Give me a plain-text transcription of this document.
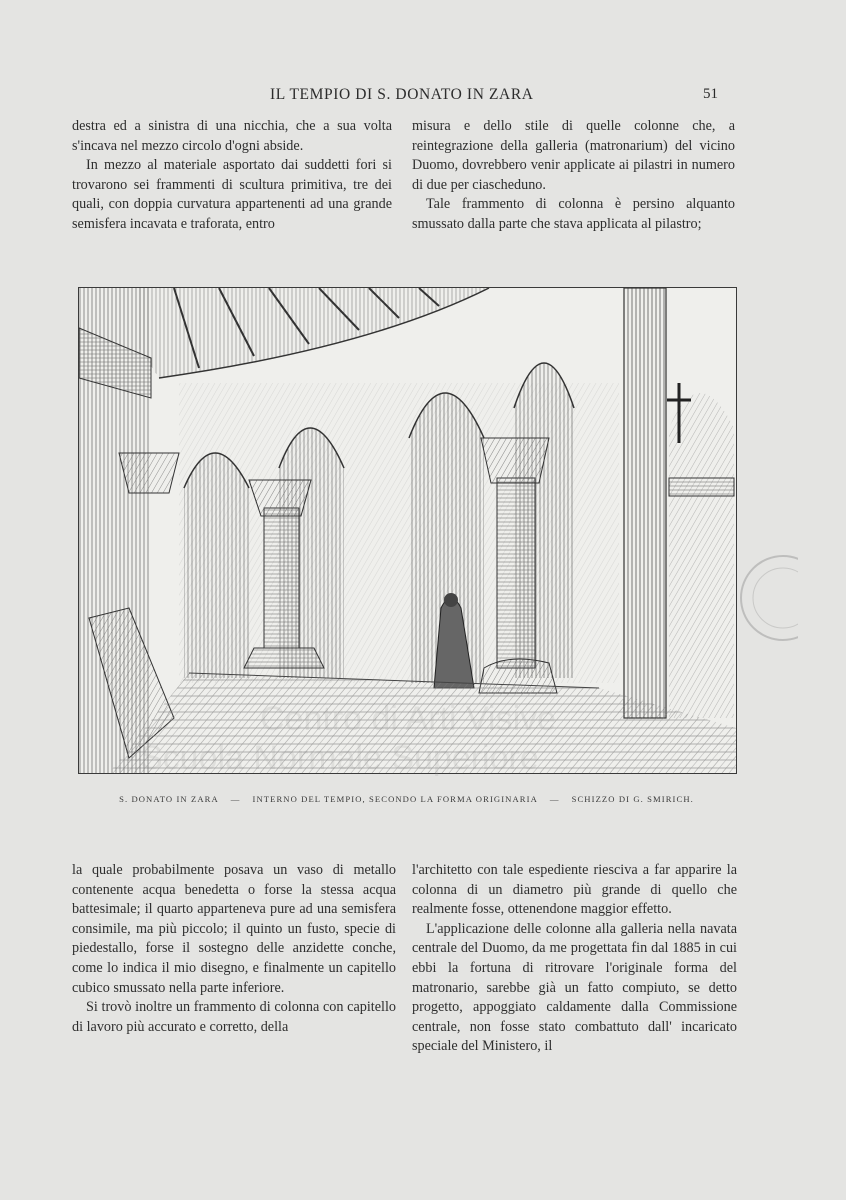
IL TEMPIO DI S. DONATO IN ZARA	51

destra ed a sinistra di una nicchia, che a sua volta s'incava nel mezzo circolo d'ogni abside.

In mezzo al materiale asportato dai suddetti fori si trovarono sei frammenti di scultura primitiva, tre dei quali, con doppia curvatura appartenenti ad una grande semisfera incavata e traforata, entro

misura e dello stile di quelle colonne che, a reintegrazione della galleria (matronarium) del vicino Duomo, dovrebbero venir applicate ai pilastri in numero di due per ciascheduno.

Tale frammento di colonna è persino alquanto smussato dalla parte che stava applicata al pilastro;

S. DONATO IN ZARA — INTERNO DEL TEMPIO, SECONDO LA FORMA ORIGINARIA — SCHIZZO DI G. SMIRICH.

la quale probabilmente posava un vaso di metallo contenente acqua benedetta o forse la stessa acqua battesimale; il quarto apparteneva pure ad una semisfera consimile, ma più piccolo; il quinto un fusto, specie di piedestallo, forse il sostegno delle anzidette conche, come lo indica il mio disegno, e finalmente un capitello cubico smussato nella parte inferiore.

Si trovò inoltre un frammento di colonna con capitello di lavoro più accurato e corretto, della

l'architetto con tale espediente riesciva a far apparire la colonna di un diametro più grande di quello che realmente fosse, ottenendone maggior effetto.

L'applicazione delle colonne alla galleria nella navata centrale del Duomo, da me progettata fin dal 1885 in cui ebbi la fortuna di ritrovare l'originale forma del matronario, sarebbe già un fatto compiuto, se detto progetto, appoggiato caldamente dalla Commissione centrale, non fosse stato combattuto dall' incaricato speciale del Ministero, il
